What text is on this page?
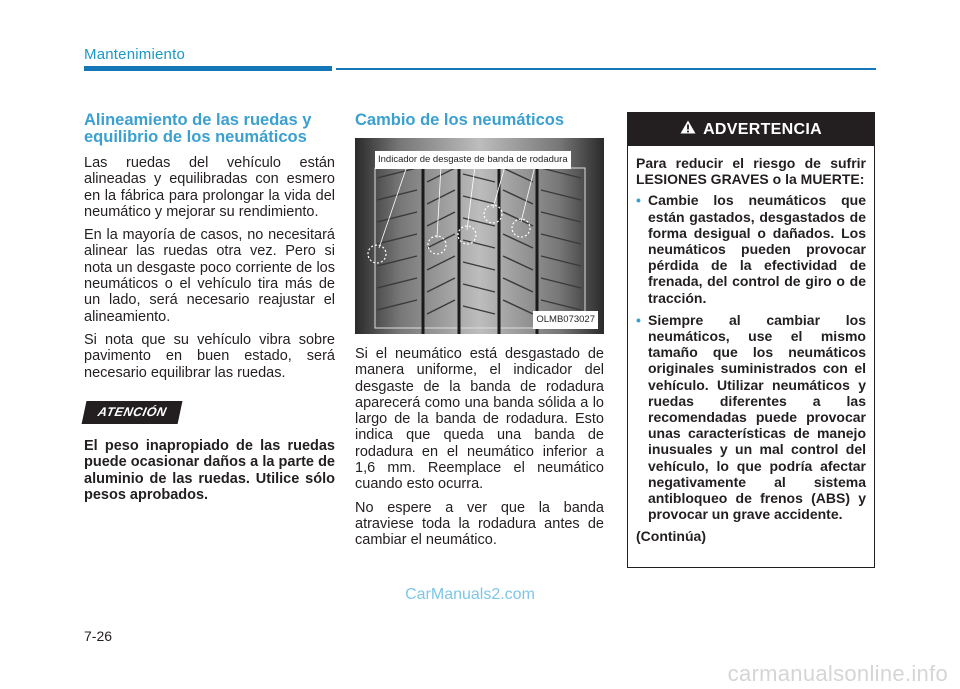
Mantenimiento
Alineamiento de las ruedas y equilibrio de los neumáticos

Las ruedas del vehículo están alineadas y equilibradas con esmero en la fábrica para prolongar la vida del neumático y mejorar su rendimiento.

En la mayoría de casos, no necesitará alinear las ruedas otra vez. Pero si nota un desgaste poco corriente de los neumáticos o el vehículo tira más de un lado, será necesario reajustar el alineamiento.

Si nota que su vehículo vibra sobre pavimento en buen estado, será necesario equilibrar las ruedas.

ATENCIÓN
El peso inapropiado de las ruedas puede ocasionar daños a la parte de aluminio de las ruedas. Utilice sólo pesos aprobados.
Cambio de los neumáticos
Indicador de desgaste de banda de rodadura
OLMB073027

Si el neumático está desgastado de manera uniforme, el indicador del desgaste de la banda de rodadura aparecerá como una banda sólida a lo largo de la banda de rodadura. Esto indica que queda una banda de rodadura en el neumático inferior a 1,6 mm. Reemplace el neumático cuando esto ocurra.

No espere a ver que la banda atraviese toda la rodadura antes de cambiar el neumático.

ADVERTENCIA

Para reducir el riesgo de sufrir LESIONES GRAVES o la MUERTE:

• Cambie los neumáticos que están gastados, desgastados de forma desigual o dañados. Los neumáticos pueden provocar pérdida de la efectividad de frenada, del control de giro o de tracción.
• Siempre al cambiar los neumáticos, use el mismo tamaño que los neumáticos originales suministrados con el vehículo. Utilizar neumáticos y ruedas diferentes a las recomendadas puede provocar unas características de manejo inusuales y un mal control del vehículo, lo que podría afectar negativamente al sistema antibloqueo de frenos (ABS) y provocar un grave accidente.

(Continúa)

CarManuals2.com
7-26
carmanualsonline.info
